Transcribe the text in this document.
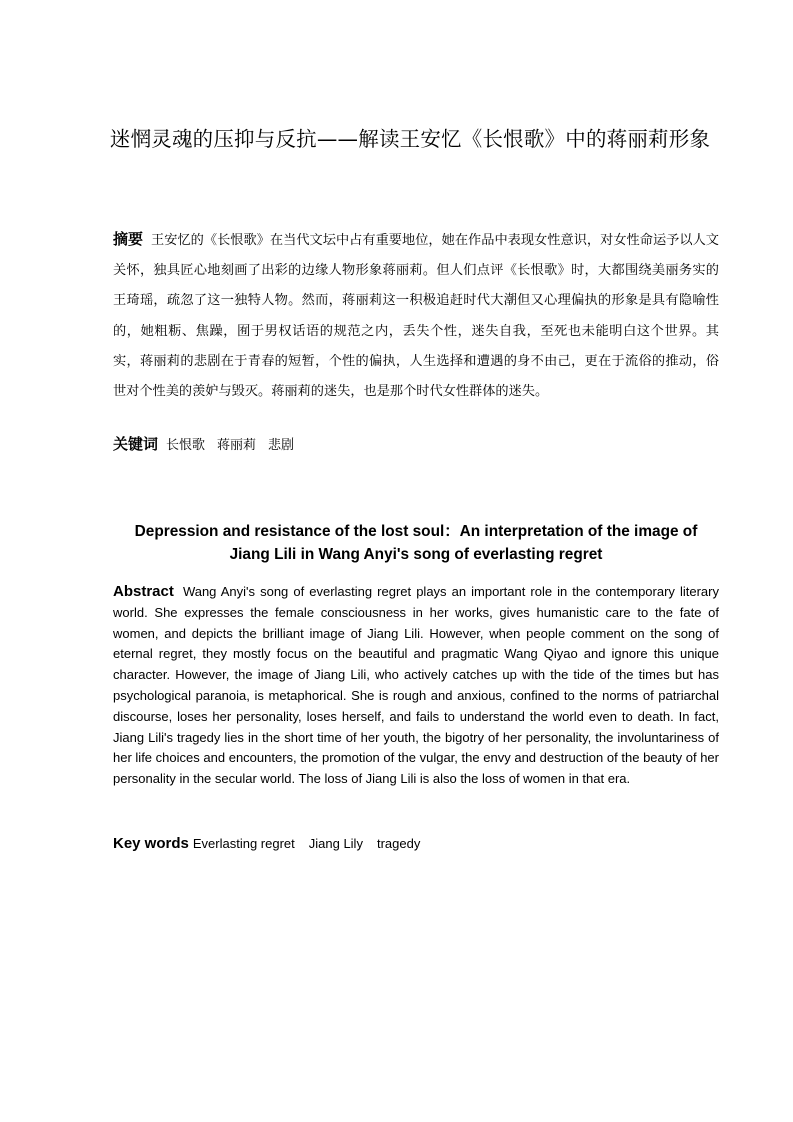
迷惘灵魂的压抑与反抗——解读王安忆《长恨歌》中的蒋丽莉形象

摘要 王安忆的《长恨歌》在当代文坛中占有重要地位，她在作品中表现女性意识，对女性命运予以人文关怀，独具匠心地刻画了出彩的边缘人物形象蒋丽莉。但人们点评《长恨歌》时，大都围绕美丽务实的王琦瑶，疏忽了这一独特人物。然而，蒋丽莉这一积极追赶时代大潮但又心理偏执的形象是具有隐喻性的，她粗粝、焦躁，囿于男权话语的规范之内，丢失个性，迷失自我，至死也未能明白这个世界。其实，蒋丽莉的悲剧在于青春的短暂，个性的偏执，人生选择和遭遇的身不由己，更在于流俗的推动，俗世对个性美的羡妒与毁灭。蒋丽莉的迷失，也是那个时代女性群体的迷失。

关键词 长恨歌 蒋丽莉 悲剧

Depression and resistance of the lost soul：An interpretation of the image of
Jiang Lili in Wang Anyi's song of everlasting regret

Abstract Wang Anyi's song of everlasting regret plays an important role in the contemporary literary world. She expresses the female consciousness in her works, gives humanistic care to the fate of women, and depicts the brilliant image of Jiang Lili. However, when people comment on the song of eternal regret, they mostly focus on the beautiful and pragmatic Wang Qiyao and ignore this unique character. However, the image of Jiang Lili, who actively catches up with the tide of the times but has psychological paranoia, is metaphorical. She is rough and anxious, confined to the norms of patriarchal discourse, loses her personality, loses herself, and fails to understand the world even to death. In fact, Jiang Lili's tragedy lies in the short time of her youth, the bigotry of her personality, the involuntariness of her life choices and encounters, the promotion of the vulgar, the envy and destruction of the beauty of her personality in the secular world. The loss of Jiang Lili is also the loss of women in that era.

Key words Everlasting regret Jiang Lily tragedy
